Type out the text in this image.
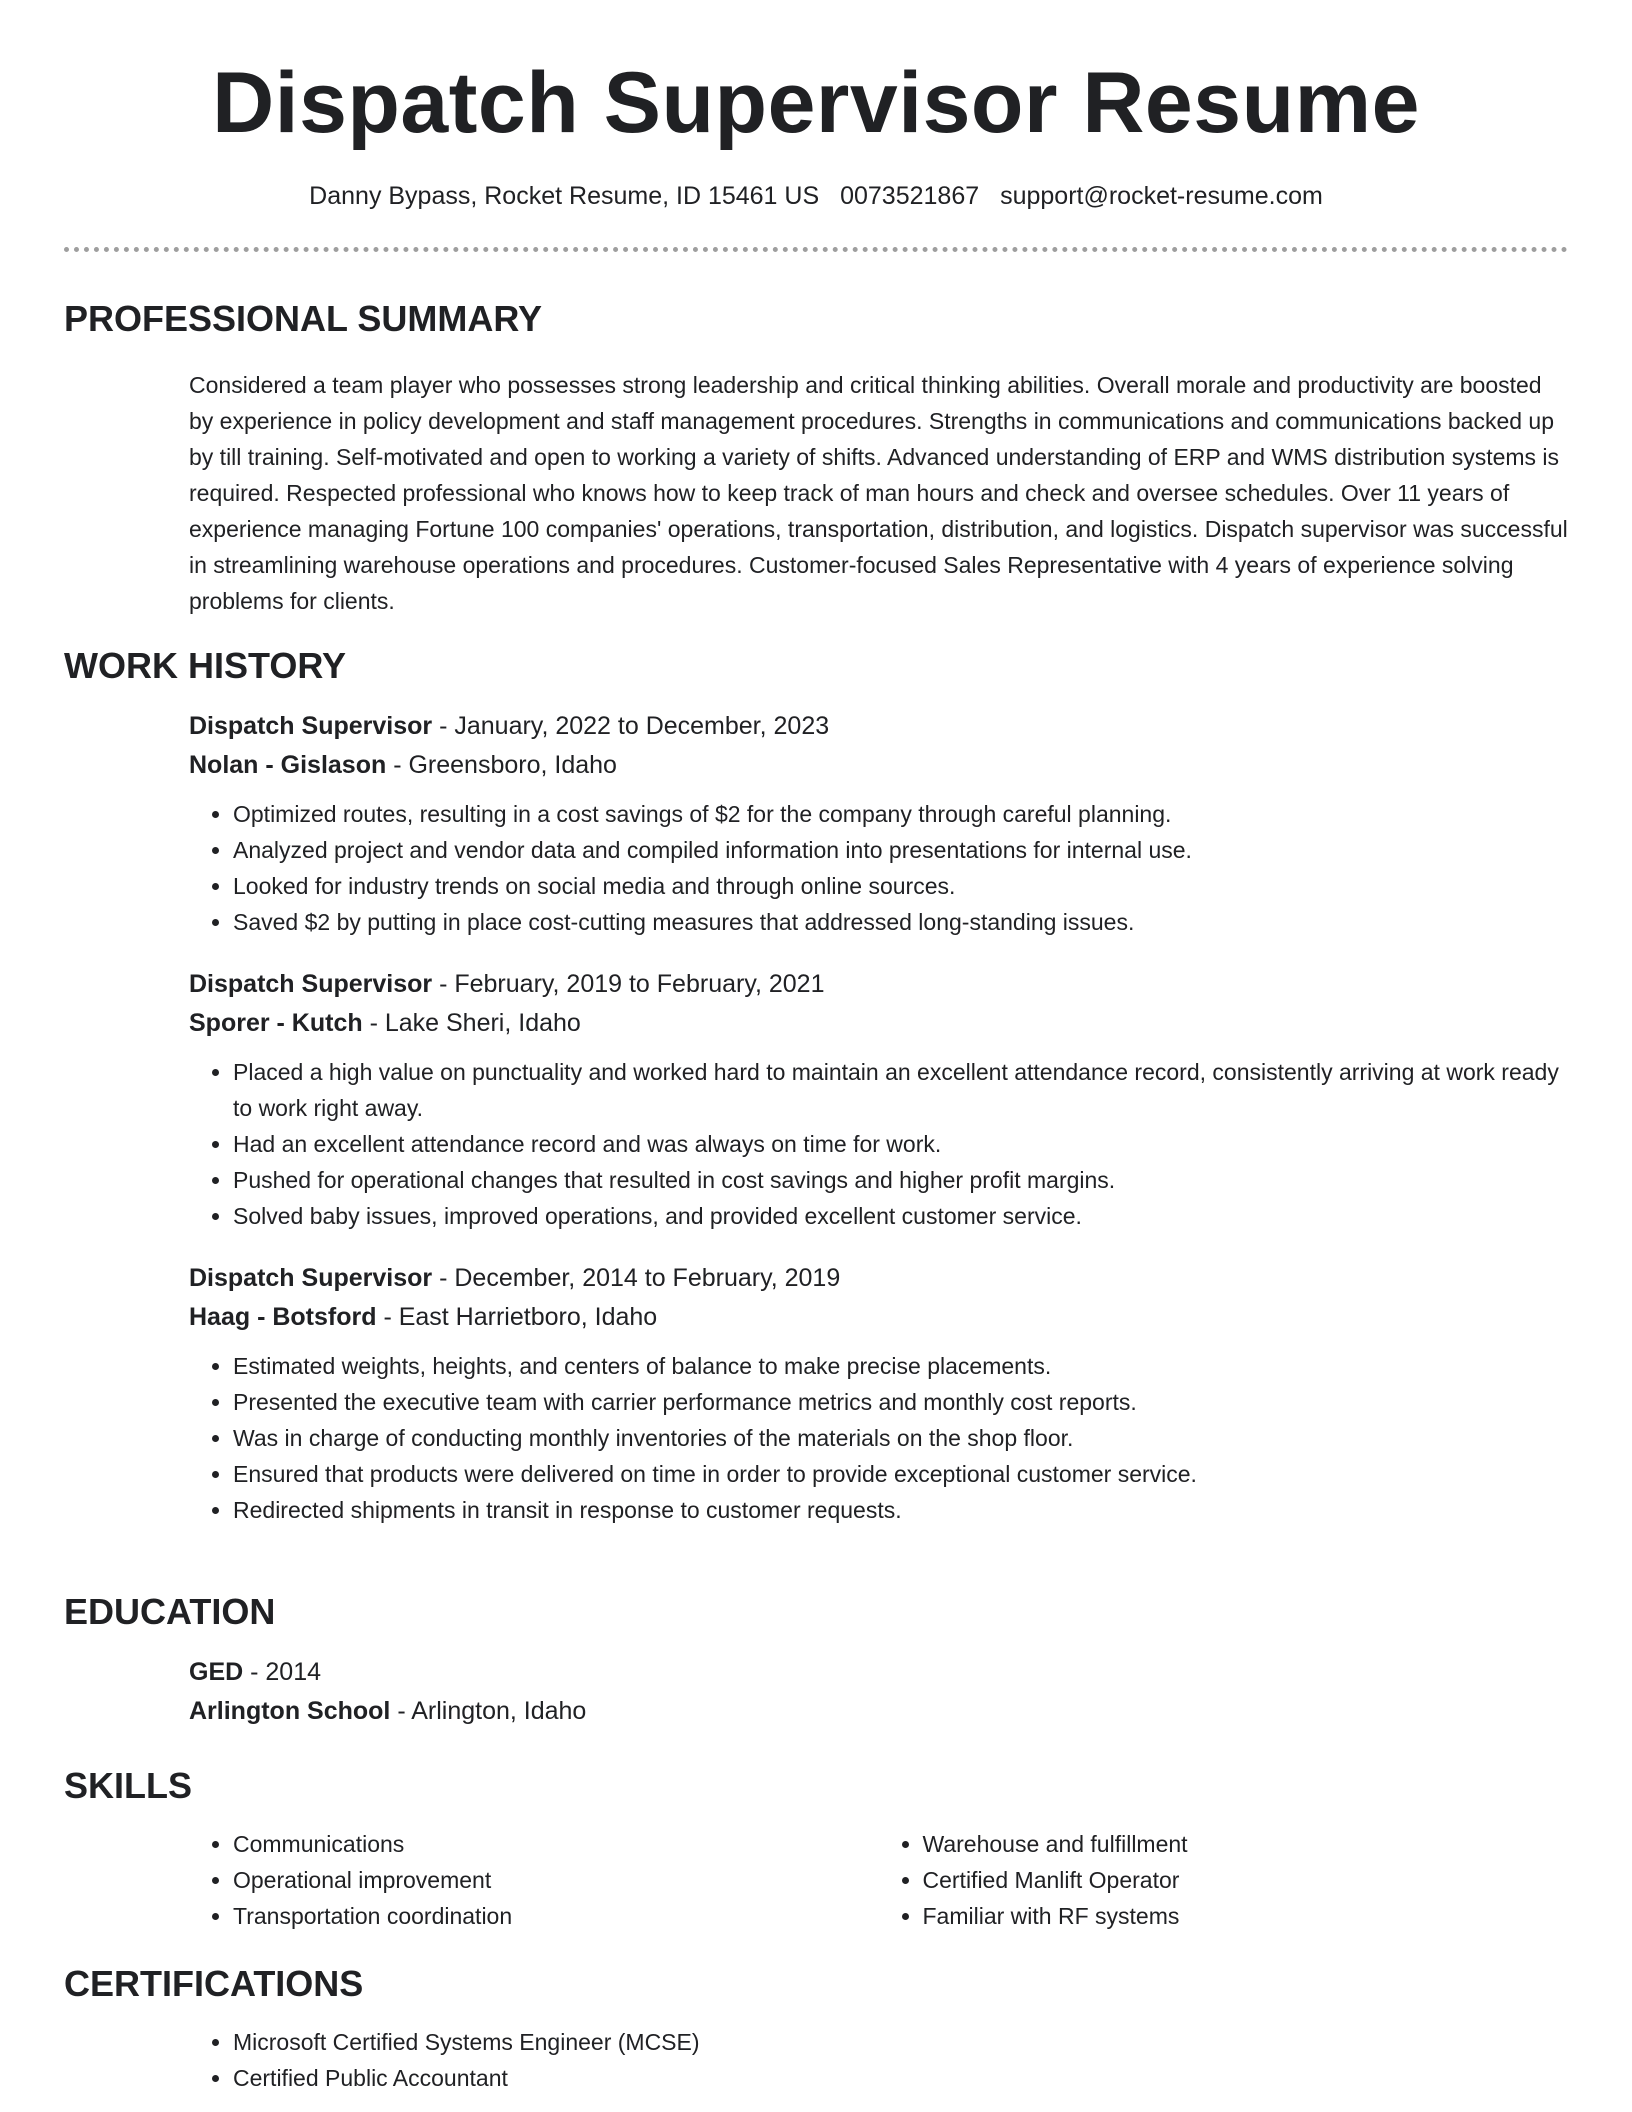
Dispatch Supervisor Resume
Danny Bypass, Rocket Resume, ID 15461 US 0073521867 support@rocket-resume.com
PROFESSIONAL SUMMARY

Considered a team player who possesses strong leadership and critical thinking abilities. Overall morale and productivity are boosted by experience in policy development and staff management procedures. Strengths in communications and communications backed up by till training. Self-motivated and open to working a variety of shifts. Advanced understanding of ERP and WMS distribution systems is required. Respected professional who knows how to keep track of man hours and check and oversee schedules. Over 11 years of experience managing Fortune 100 companies' operations, transportation, distribution, and logistics. Dispatch supervisor was successful in streamlining warehouse operations and procedures. Customer-focused Sales Representative with 4 years of experience solving problems for clients.

WORK HISTORY

Dispatch Supervisor - January, 2022 to December, 2023

Nolan - Gislason - Greensboro, Idaho

• Optimized routes, resulting in a cost savings of $2 for the company through careful planning.
• Analyzed project and vendor data and compiled information into presentations for internal use.
• Looked for industry trends on social media and through online sources.
• Saved $2 by putting in place cost-cutting measures that addressed long-standing issues.

Dispatch Supervisor - February, 2019 to February, 2021

Sporer - Kutch - Lake Sheri, Idaho

• Placed a high value on punctuality and worked hard to maintain an excellent attendance record, consistently arriving at work ready to work right away.
• Had an excellent attendance record and was always on time for work.
• Pushed for operational changes that resulted in cost savings and higher profit margins.
• Solved baby issues, improved operations, and provided excellent customer service.

Dispatch Supervisor - December, 2014 to February, 2019

Haag - Botsford - East Harrietboro, Idaho

• Estimated weights, heights, and centers of balance to make precise placements.
• Presented the executive team with carrier performance metrics and monthly cost reports.
• Was in charge of conducting monthly inventories of the materials on the shop floor.
• Ensured that products were delivered on time in order to provide exceptional customer service.
• Redirected shipments in transit in response to customer requests.
EDUCATION

GED - 2014

Arlington School - Arlington, Idaho

SKILLS
• Communications
• Operational improvement
• Transportation coordination
• Warehouse and fulfillment
• Certified Manlift Operator
• Familiar with RF systems
CERTIFICATIONS
• Microsoft Certified Systems Engineer (MCSE)
• Certified Public Accountant
